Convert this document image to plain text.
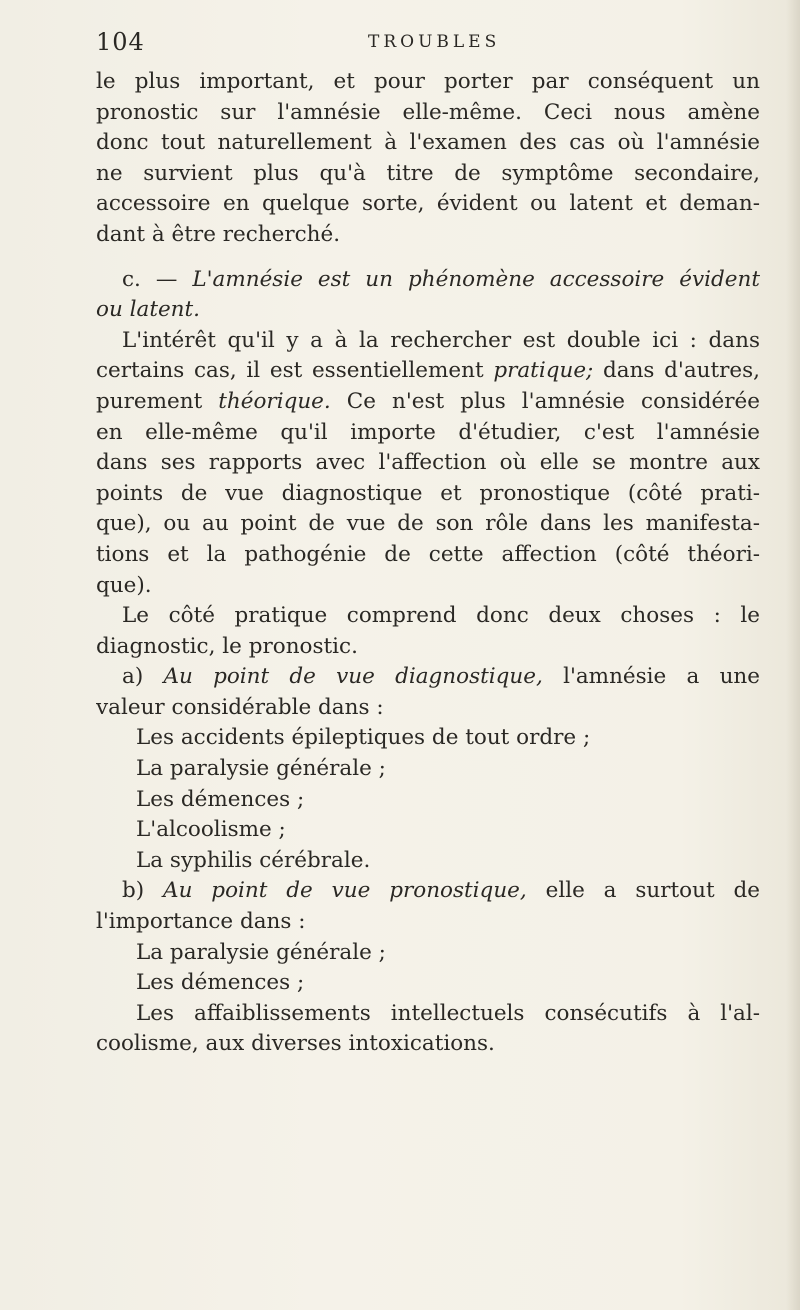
104	TROUBLES
le plus important, et pour porter par conséquent un
pronostic sur l'amnésie elle-même. Ceci nous amène
donc tout naturellement à l'examen des cas où l'amnésie
ne survient plus qu'à titre de symptôme secondaire,
accessoire en quelque sorte, évident ou latent et deman-
dant à être recherché.
c. — L'amnésie est un phénomène accessoire évident
ou latent.
L'intérêt qu'il y a à la rechercher est double ici : dans
certains cas, il est essentiellement pratique; dans d'autres,
purement théorique. Ce n'est plus l'amnésie considérée
en elle-même qu'il importe d'étudier, c'est l'amnésie
dans ses rapports avec l'affection où elle se montre aux
points de vue diagnostique et pronostique (côté prati-
que), ou au point de vue de son rôle dans les manifesta-
tions et la pathogénie de cette affection (côté théori-
que).
Le côté pratique comprend donc deux choses : le
diagnostic, le pronostic.
a) Au point de vue diagnostique, l'amnésie a une
valeur considérable dans :
Les accidents épileptiques de tout ordre ;
La paralysie générale ;
Les démences ;
L'alcoolisme ;
La syphilis cérébrale.
b) Au point de vue pronostique, elle a surtout de
l'importance dans :
La paralysie générale ;
Les démences ;
Les affaiblissements intellectuels consécutifs à l'al-
coolisme, aux diverses intoxications.
